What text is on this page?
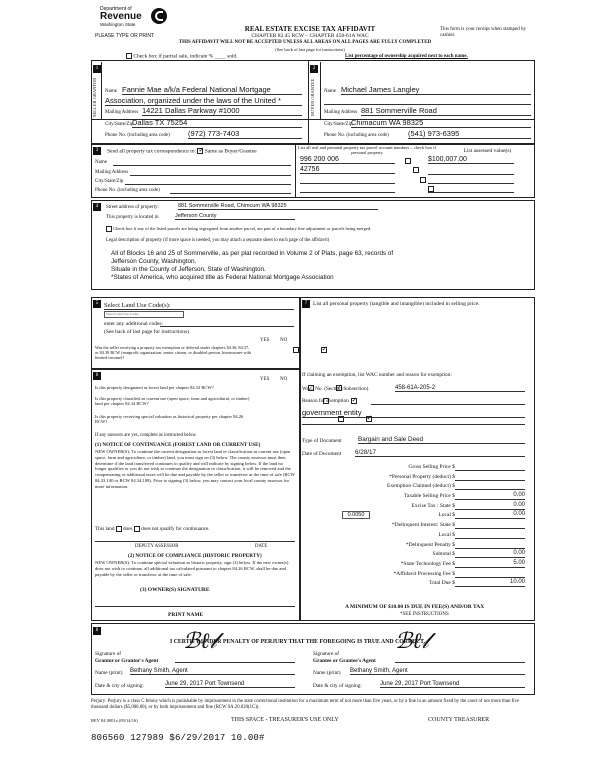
Department of
Revenue
Washington State
PLEASE TYPE OR PRINT
REAL ESTATE EXCISE TAX AFFIDAVIT
CHAPTER 82.45 RCW – CHAPTER 458-61A WAC
THIS AFFIDAVIT WILL NOT BE ACCEPTED UNLESS ALL AREAS ON ALL PAGES ARE FULLY COMPLETED
(See back of last page for instructions)
This form is your receipt when stamped by cashier.
Check box if partial sale, indicate % ____ sold.	List percentage of ownership acquired next to each name.
1	2
SELLER GRANTOR	BUYER GRANTEE
Name Fannie Mae a/k/a Federal National Mortgage
Association, organized under the laws of the United *
Mailing Address 14221 Dallas Parkway #1000
City/State/Zip
Dallas TX 75254
Phone No. (including area code) (972) 773-7403
Name Michael James Langley
Mailing Address 881 Sommerville Road
City/State/Zip
Chimacum WA 98325
Phone No. (including area code)	(541) 973-6395
3	Send all property tax correspondence to: ✓ Same as Buyer/Grantee
List all real and personal property tax parcel account numbers – check box if personal property	List assessed value(s)
Name
Mailing Address
City/State/Zip
Phone No. (including area code)
996 200 006
	$100,007.00
42756

4	Street address of property:	881 Sommerville Road, Chimcum WA 98325
This property is located in	Jefferson County
Check box if any of the listed parcels are being segregated from another parcel, are part of a boundary line adjustment or parcels being merged.
Legal description of property (if more space is needed, you may attach a separate sheet to each page of the affidavit)
All of Blocks 16 and 25 of Sommerville, as per plat recorded in Volume 2 of Plats, page 63, records of
Jefferson County, Washington.
Situate in the County of Jefferson, State of Washington.
*States of America, who acquired title as Federal National Mortgage Association
5 Select Land Use Code(s):
Select Land Use Codes
enter any additional codes:
(See back of last page for instructions)
YES NO
Was the seller receiving a property tax exemption or deferral under chapters 84.36, 84.37, or 84.38 RCW (nonprofit organization, senior citizen, or disabled person, homeowner with limited income)?
✓
6
YES NO
Is this property designated as forest land per chapter 84.33 RCW?
✓
Is this property classified as current use (open space, farm and agricultural, or timber) land per chapter 84.34 RCW?
✓
Is this property receiving special valuation as historical property per chapter 84.26 RCW?
✓
If any answers are yes, complete as instructed below.
(1) NOTICE OF CONTINUANCE (FOREST LAND OR CURRENT USE)
NEW OWNER(S): To continue the current designation as forest land or classification as current use (open space, farm and agriculture, or timber) land, you must sign on (3) below. The county assessor must then determine if the land transferred continues to qualify and will indicate by signing below. If the land no longer qualifies or you do not wish to continue the designation or classification, it will be removed and the compensating or additional taxes will be due and payable by the seller or transferor at the time of sale (RCW 84.33.140 or RCW 84.34.108). Prior to signing (3) below, you may contact your local county assessor for more information.
This land does does not qualify for continuance.
DEPUTY ASSESSOR	DATE
(2) NOTICE OF COMPLIANCE (HISTORIC PROPERTY)
NEW OWNER(S): To continue special valuation as historic property, sign (3) below. If the new owner(s) does not wish to continue, all additional tax calculated pursuant to chapter 84.26 RCW, shall be due and payable by the seller or transferor at the time of sale.
(3) OWNER(S) SIGNATURE
PRINT NAME
7	List all personal property (tangible and intangible) included in selling price.
If claiming an exemption, list WAC number and reason for exemption:
WAC No. (Section/Subsection)	458-61A-205-2
Reason for exemption
government entity
Type of Document	Bargain and Sale Deed
Date of Document 6/28/17
Gross Selling Price $
*Personal Property (deduct) $
Exemption Claimed (deduct) $
Taxable Selling Price $	0.00
Excise Tax : State $	0.00
0.0050	Local $	0.00
*Delinquent Interest: State $
Local $
*Delinquent Penalty $
Subtotal $	0.00
*State Technology Fee $	5.00
*Affidavit Processing Fee $
Total Due $	10.00
A MINIMUM OF $10.00 IS DUE IN FEE(S) AND/OR TAX
*SEE INSTRUCTIONS
8
I CERTIFY UNDER PENALTY OF PERJURY THAT THE FOREGOING IS TRUE AND CORRECT.
Signature of
Grantor or Grantor's Agent
ℬℓ𝓁
Name (print) Bethany Smith, Agent
Date & city of signing:	June 29, 2017 Port Townsend
Signature of
Grantee or Grantee's Agent
ℬℓ𝓁
Name (print) Bethany Smith, Agent
Date & city of signing:	June 29, 2017 Port Townsend
Perjury: Perjury is a class C felony which is punishable by imprisonment in the state correctional institution for a maximum term of not more than five years, or by a fine in an amount fixed by the court of not more than five thousand dollars ($5,000.00), or by both imprisonment and fine (RCW 9A.20.020(1C)).
REV 84 0001a (09/14/16)	THIS SPACE - TREASURER'S USE ONLY	COUNTY TREASURER
806560 127989 $6/29/2017 10.00#
